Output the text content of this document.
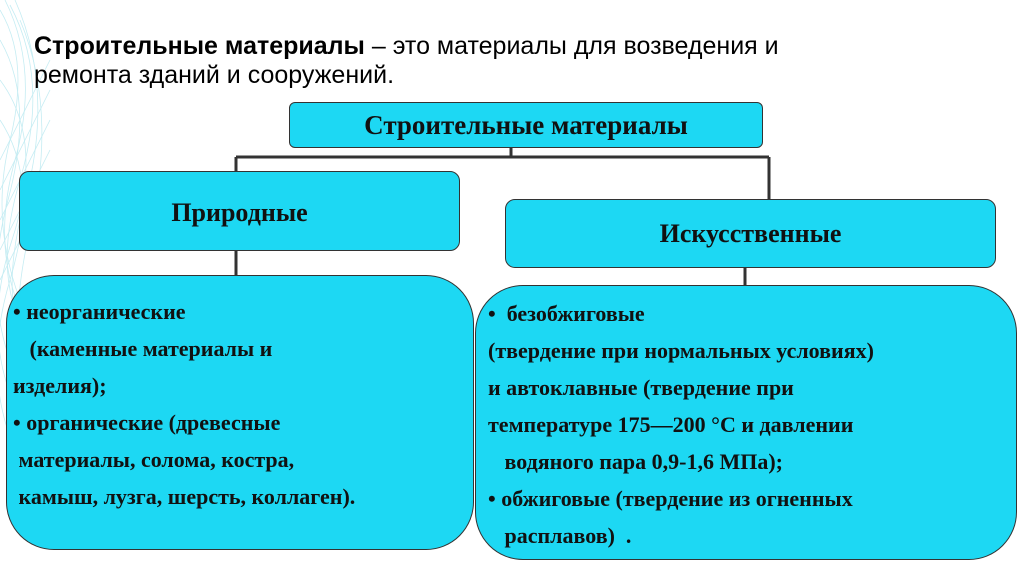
Строительные материалы – это материалы для возведения и
ремонта зданий и сооружений.
Строительные материалы
Природные
Искусственные
• неорганические
(каменные материалы и
изделия);
• органические (древесные
материалы, солома, костра,
камыш, лузга, шерсть, коллаген).
•  безобжиговые
(твердение при нормальных условиях)
и автоклавные (твердение при
температуре 175―200 °С и давлении
водяного пара 0,9-1,6 МПа);
• обжиговые (твердение из огненных
расплавов)  .
